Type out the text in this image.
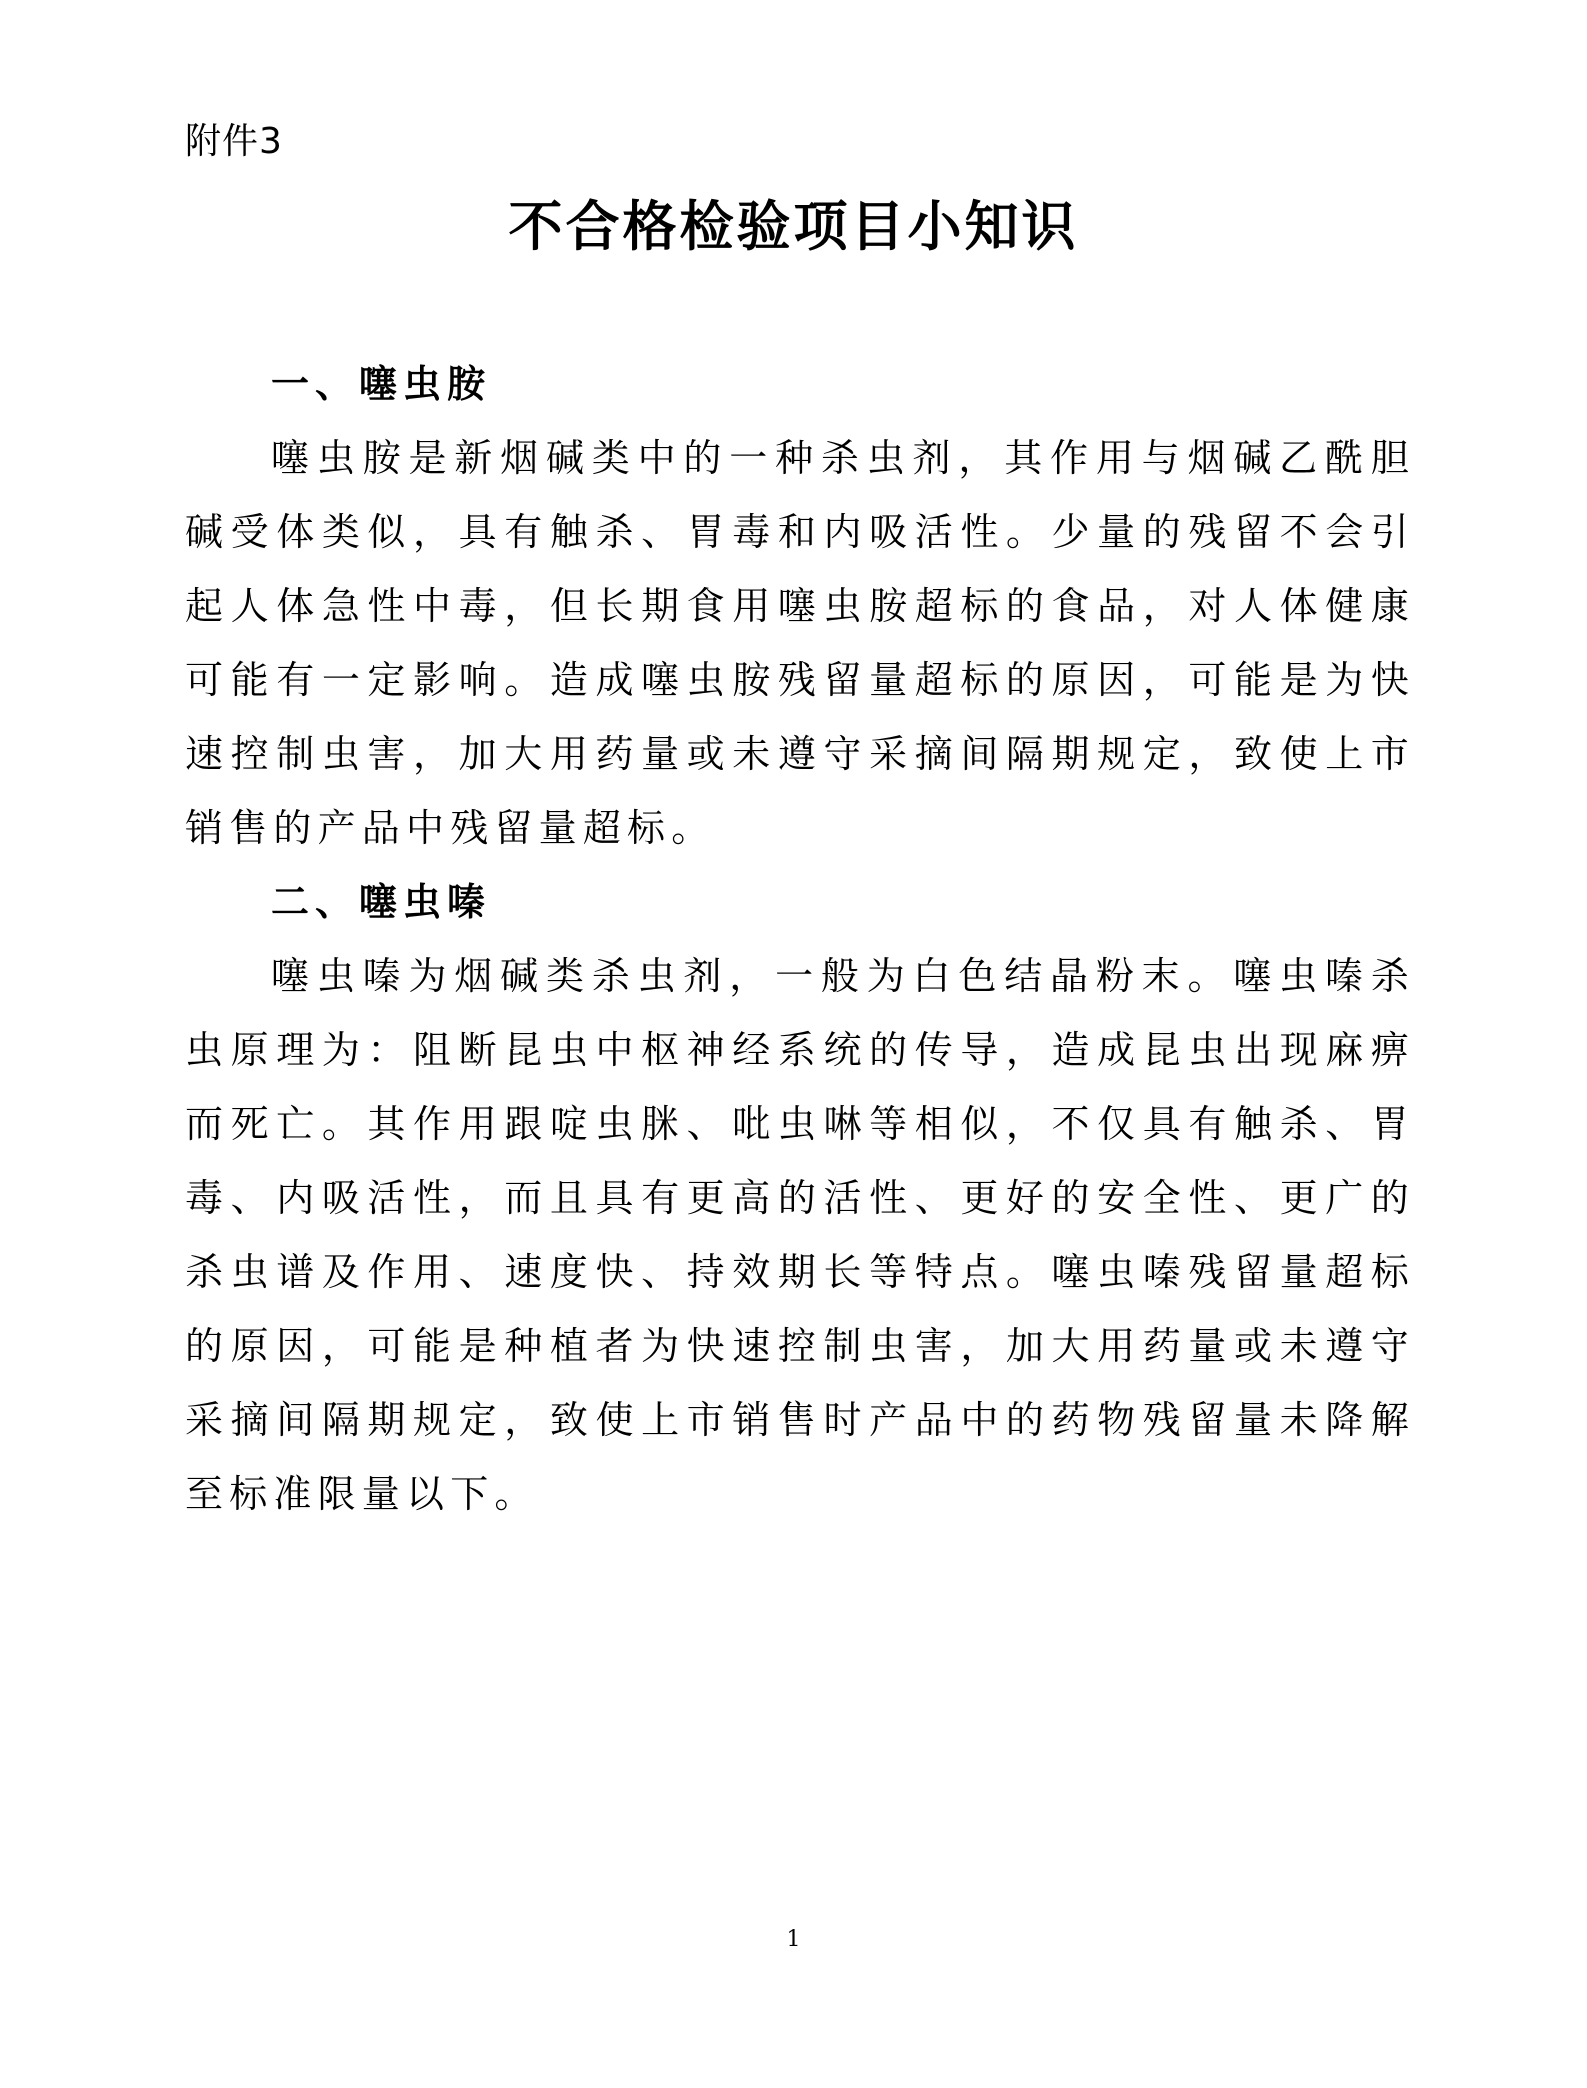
附件3
不合格检验项目小知识

一、噻虫胺

噻虫胺是新烟碱类中的一种杀虫剂，其作用与烟碱乙酰胆碱受体类似，具有触杀、胃毒和内吸活性。少量的残留不会引起人体急性中毒，但长期食用噻虫胺超标的食品，对人体健康可能有一定影响。造成噻虫胺残留量超标的原因，可能是为快速控制虫害，加大用药量或未遵守采摘间隔期规定，致使上市销售的产品中残留量超标。

二、噻虫嗪

噻虫嗪为烟碱类杀虫剂，一般为白色结晶粉末。噻虫嗪杀虫原理为：阻断昆虫中枢神经系统的传导，造成昆虫出现麻痹而死亡。其作用跟啶虫脒、吡虫啉等相似，不仅具有触杀、胃毒、内吸活性，而且具有更高的活性、更好的安全性、更广的杀虫谱及作用、速度快、持效期长等特点。噻虫嗪残留量超标的原因，可能是种植者为快速控制虫害，加大用药量或未遵守采摘间隔期规定，致使上市销售时产品中的药物残留量未降解至标准限量以下。

1
